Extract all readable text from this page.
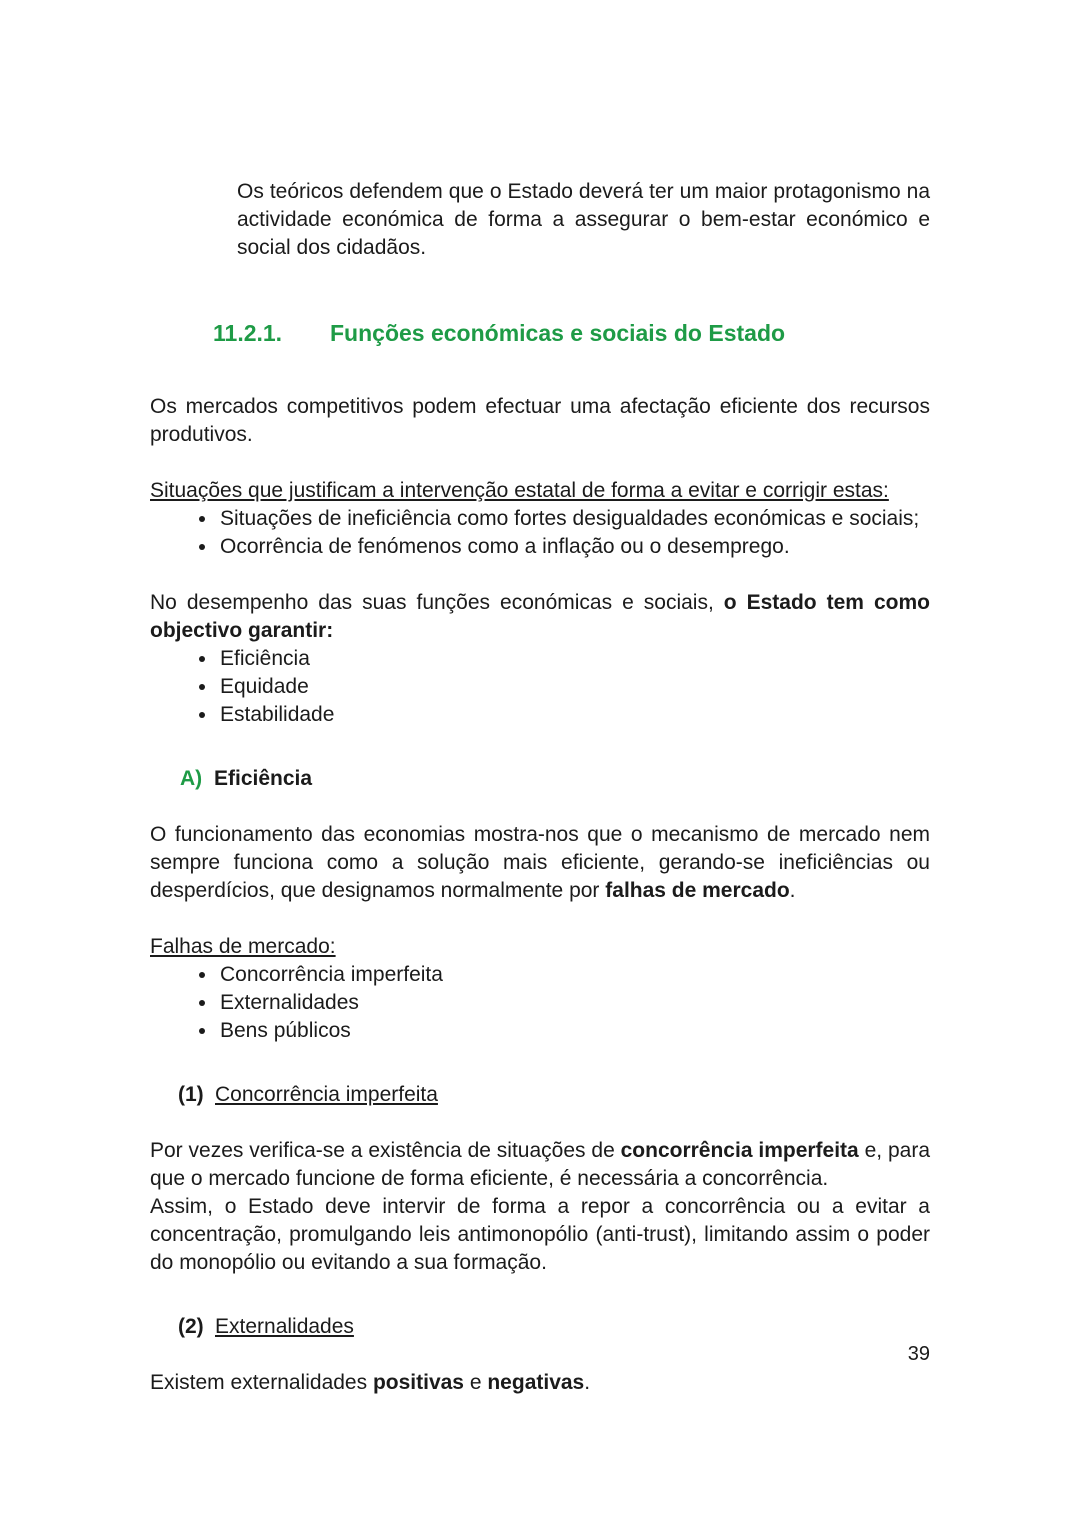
Os teóricos defendem que o Estado deverá ter um maior protagonismo na actividade económica de forma a assegurar o bem-estar económico e social dos cidadãos.
11.2.1. Funções económicas e sociais do Estado
Os mercados competitivos podem efectuar uma afectação eficiente dos recursos produtivos.
Situações que justificam a intervenção estatal de forma a evitar e corrigir estas:
• Situações de ineficiência como fortes desigualdades económicas e sociais;
• Ocorrência de fenómenos como a inflação ou o desemprego.
No desempenho das suas funções económicas e sociais, o Estado tem como objectivo garantir:
• Eficiência
• Equidade
• Estabilidade
A) Eficiência
O funcionamento das economias mostra-nos que o mecanismo de mercado nem sempre funciona como a solução mais eficiente, gerando-se ineficiências ou desperdícios, que designamos normalmente por falhas de mercado.
Falhas de mercado:
• Concorrência imperfeita
• Externalidades
• Bens públicos
(1) Concorrência imperfeita
Por vezes verifica-se a existência de situações de concorrência imperfeita e, para que o mercado funcione de forma eficiente, é necessária a concorrência.
Assim, o Estado deve intervir de forma a repor a concorrência ou a evitar a concentração, promulgando leis antimonopólio (anti-trust), limitando assim o poder do monopólio ou evitando a sua formação.
(2) Externalidades
Existem externalidades positivas e negativas.
39
